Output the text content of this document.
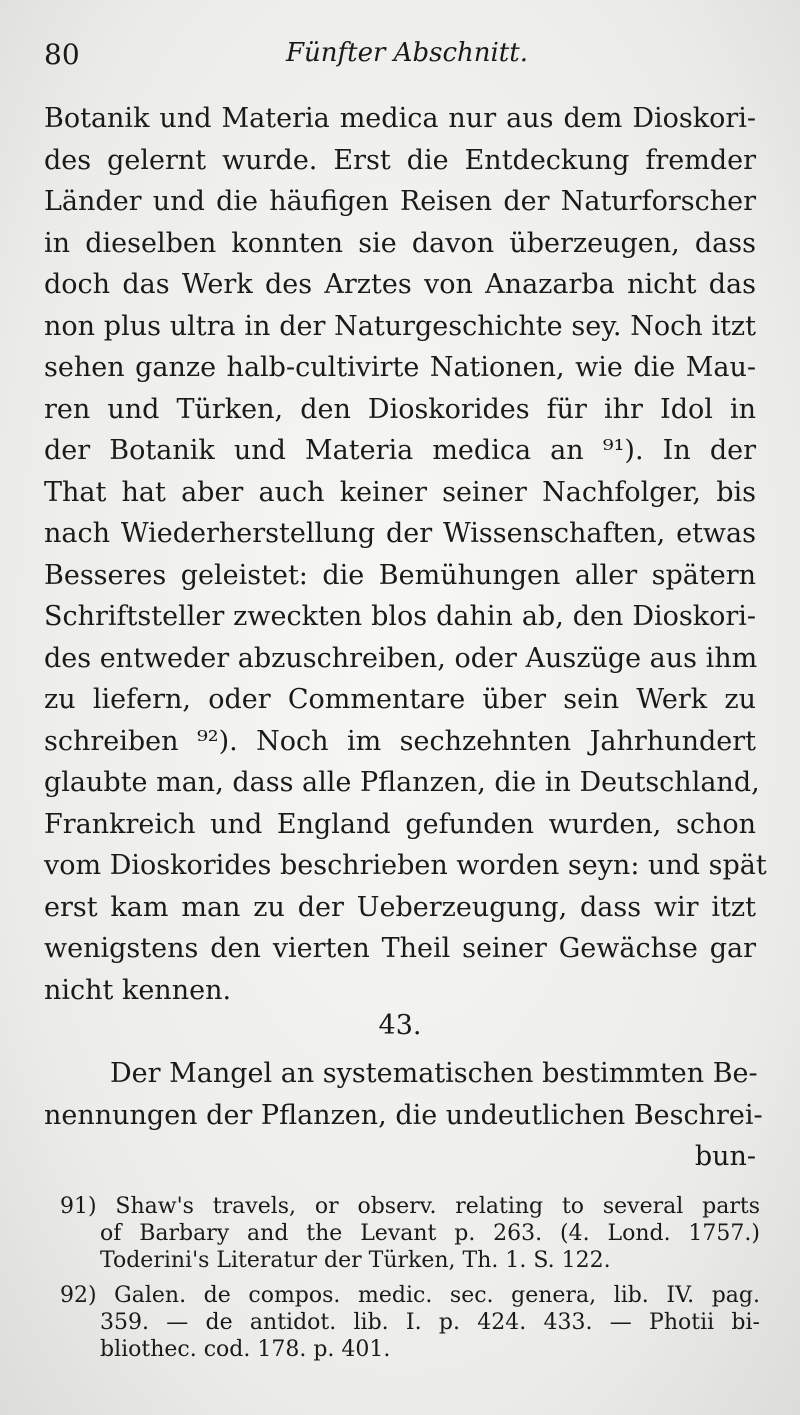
80	Fünfter Abschnitt.
Botanik und Materia medica nur aus dem Dioskori-
des gelernt wurde. Erst die Entdeckung fremder
Länder und die häufigen Reisen der Naturforscher
in dieselben konnten sie davon überzeugen, dass
doch das Werk des Arztes von Anazarba nicht das
non plus ultra in der Naturgeschichte sey. Noch itzt
sehen ganze halb-cultivirte Nationen, wie die Mau-
ren und Türken, den Dioskorides für ihr Idol in
der Botanik und Materia medica an ⁹¹). In der
That hat aber auch keiner seiner Nachfolger, bis
nach Wiederherstellung der Wissenschaften, etwas
Besseres geleistet: die Bemühungen aller spätern
Schriftsteller zweckten blos dahin ab, den Dioskori-
des entweder abzuschreiben, oder Auszüge aus ihm
zu liefern, oder Commentare über sein Werk zu
schreiben ⁹²). Noch im sechzehnten Jahrhundert
glaubte man, dass alle Pflanzen, die in Deutschland,
Frankreich und England gefunden wurden, schon
vom Dioskorides beschrieben worden seyn: und spät
erst kam man zu der Ueberzeugung, dass wir itzt
wenigstens den vierten Theil seiner Gewächse gar
nicht kennen.
43.
Der Mangel an systematischen bestimmten Be-
nennungen der Pflanzen, die undeutlichen Beschrei-
bun-
91) Shaw's travels, or observ. relating to several parts
of Barbary and the Levant p. 263. (4. Lond. 1757.)
Toderini's Literatur der Türken, Th. 1. S. 122.
92) Galen. de compos. medic. sec. genera, lib. IV. pag.
359. — de antidot. lib. I. p. 424. 433. — Photii bi-
bliothec. cod. 178. p. 401.
